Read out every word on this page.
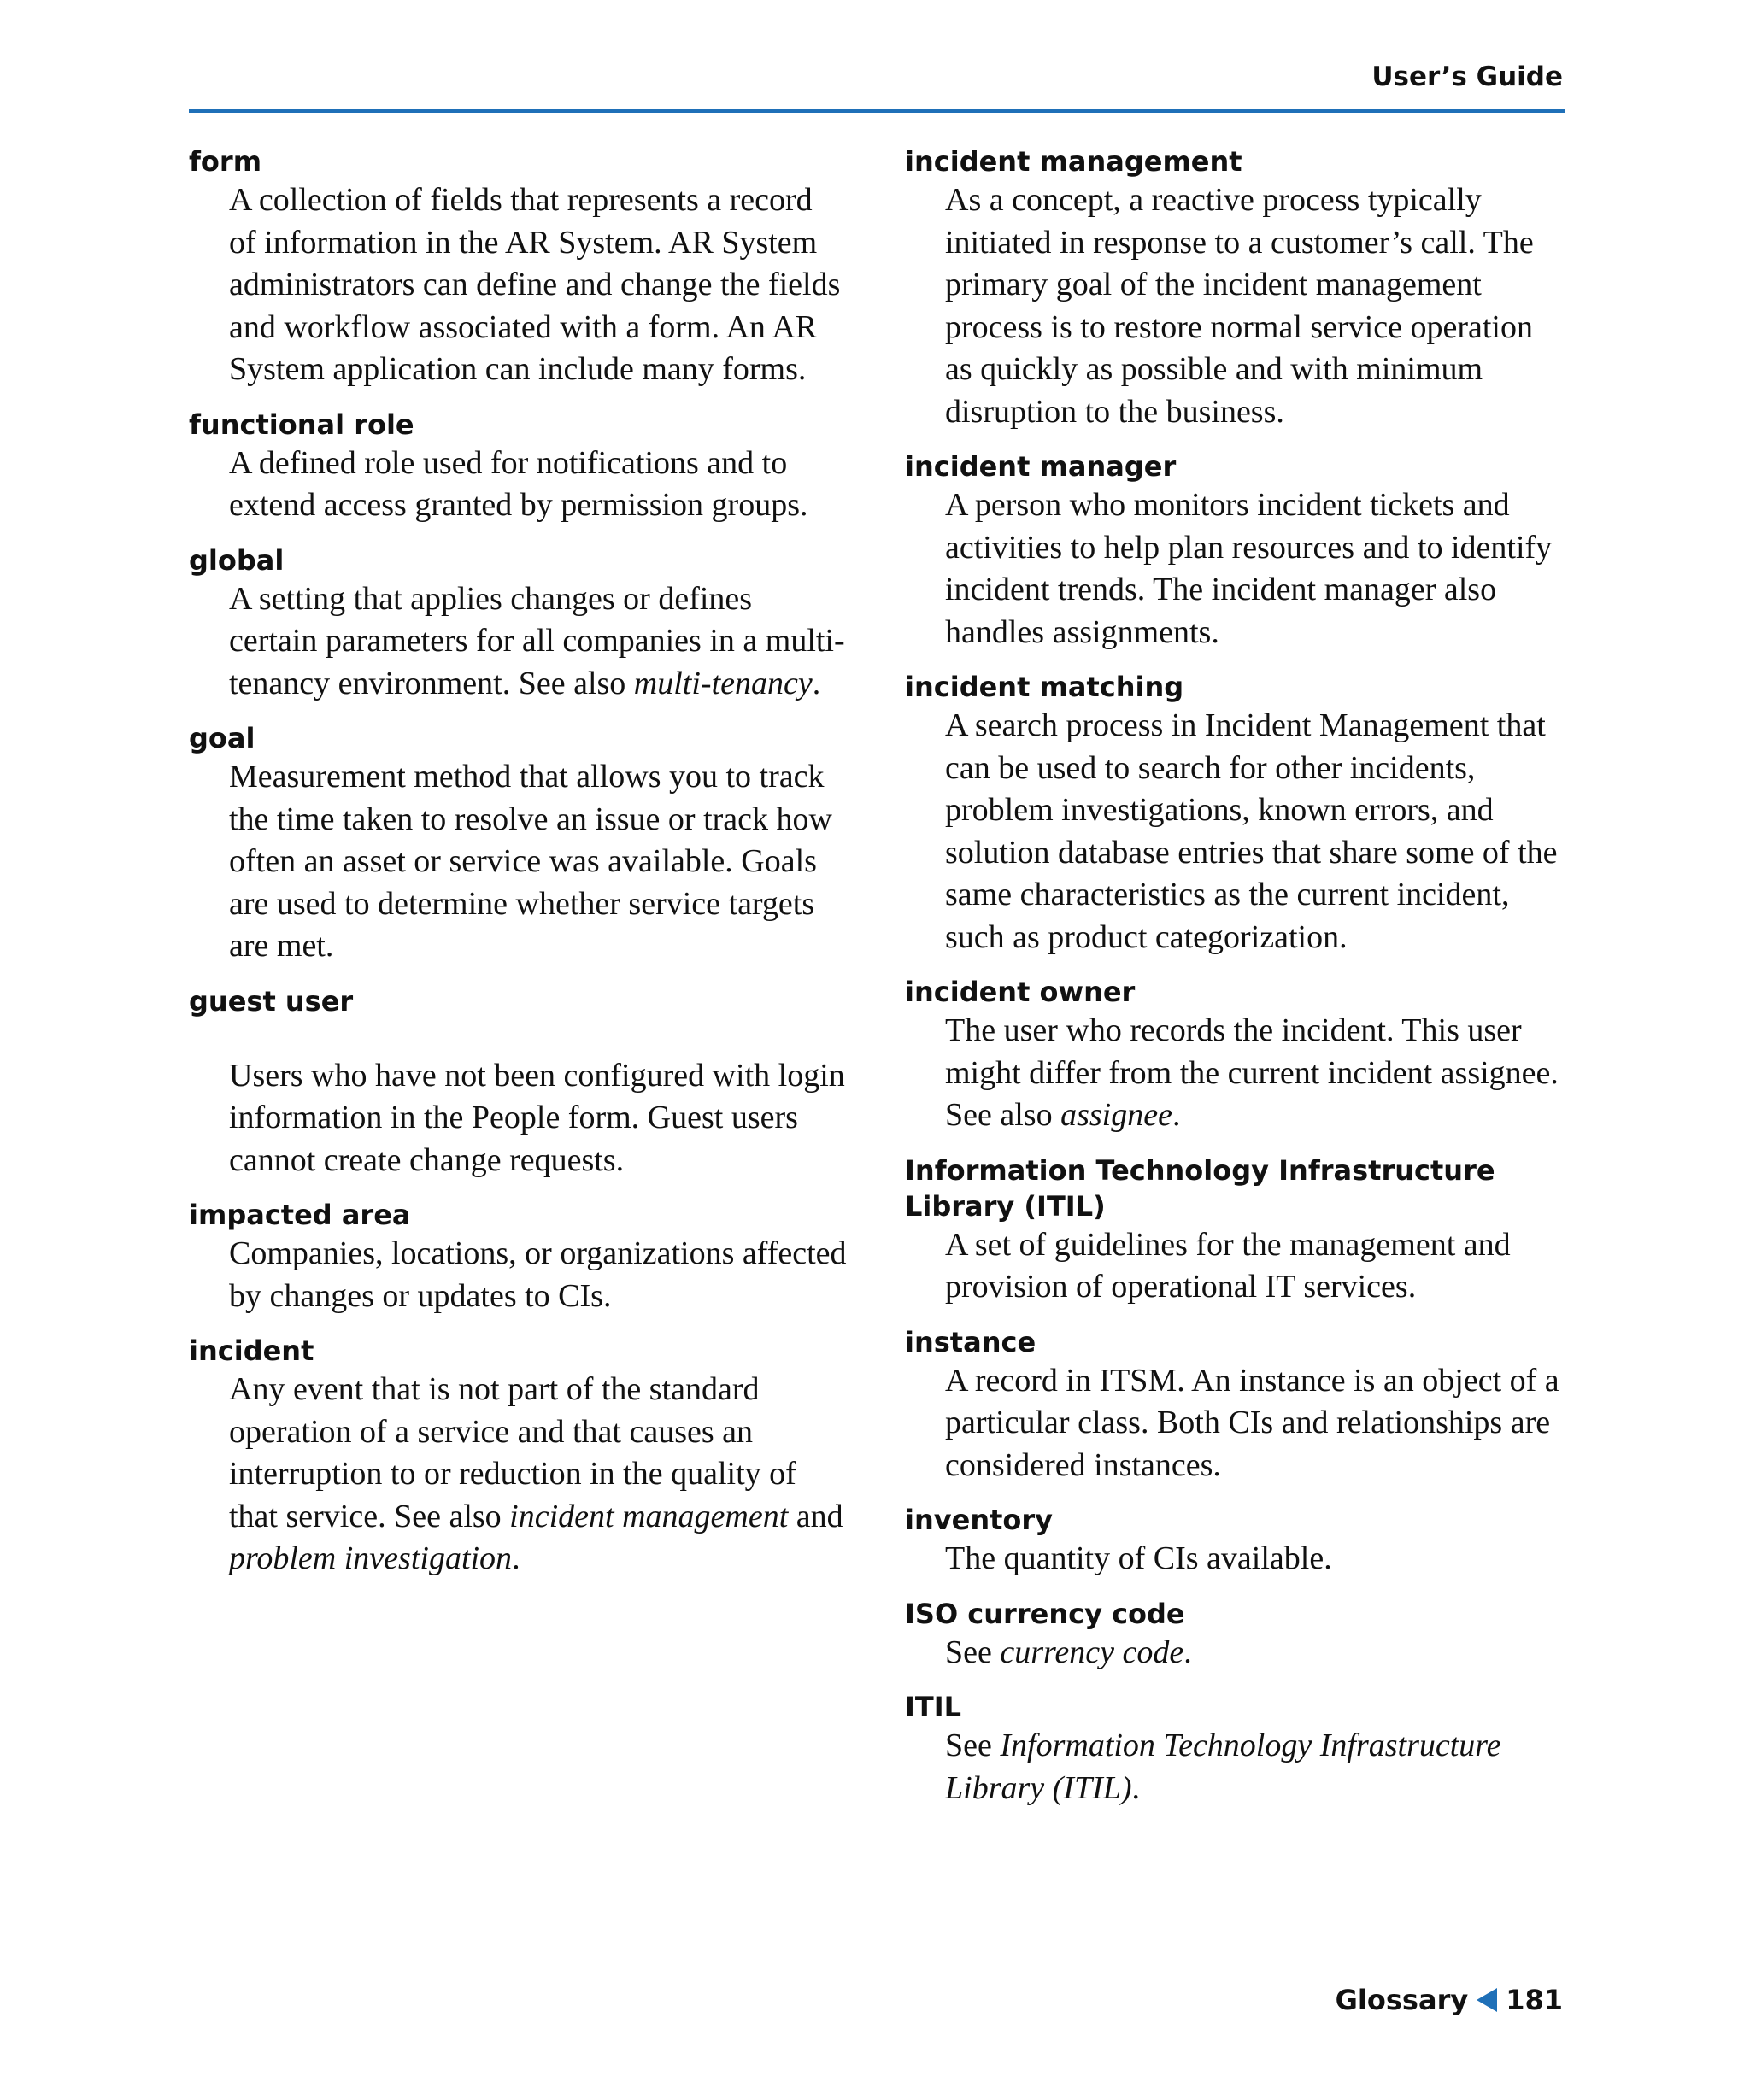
User’s Guide
form
A collection of fields that represents a record of information in the AR System. AR System administrators can define and change the fields and workflow associated with a form. An AR System application can include many forms.
functional role
A defined role used for notifications and to extend access granted by permission groups.
global
A setting that applies changes or defines certain parameters for all companies in a multi-tenancy environment. See also multi-tenancy.
goal
Measurement method that allows you to track the time taken to resolve an issue or track how often an asset or service was available. Goals are used to determine whether service targets are met.
guest user
Users who have not been configured with login information in the People form. Guest users cannot create change requests.
impacted area
Companies, locations, or organizations affected by changes or updates to CIs.
incident
Any event that is not part of the standard operation of a service and that causes an interruption to or reduction in the quality of that service. See also incident management and problem investigation.
incident management
As a concept, a reactive process typically initiated in response to a customer’s call. The primary goal of the incident management process is to restore normal service operation as quickly as possible and with minimum disruption to the business.
incident manager
A person who monitors incident tickets and activities to help plan resources and to identify incident trends. The incident manager also handles assignments.
incident matching
A search process in Incident Management that can be used to search for other incidents, problem investigations, known errors, and solution database entries that share some of the same characteristics as the current incident, such as product categorization.
incident owner
The user who records the incident. This user might differ from the current incident assignee. See also assignee.
Information Technology Infrastructure Library (ITIL)
A set of guidelines for the management and provision of operational IT services.
instance
A record in ITSM. An instance is an object of a particular class. Both CIs and relationships are considered instances.
inventory
The quantity of CIs available.
ISO currency code
See currency code.
ITIL
See Information Technology Infrastructure Library (ITIL).
Glossary 181
